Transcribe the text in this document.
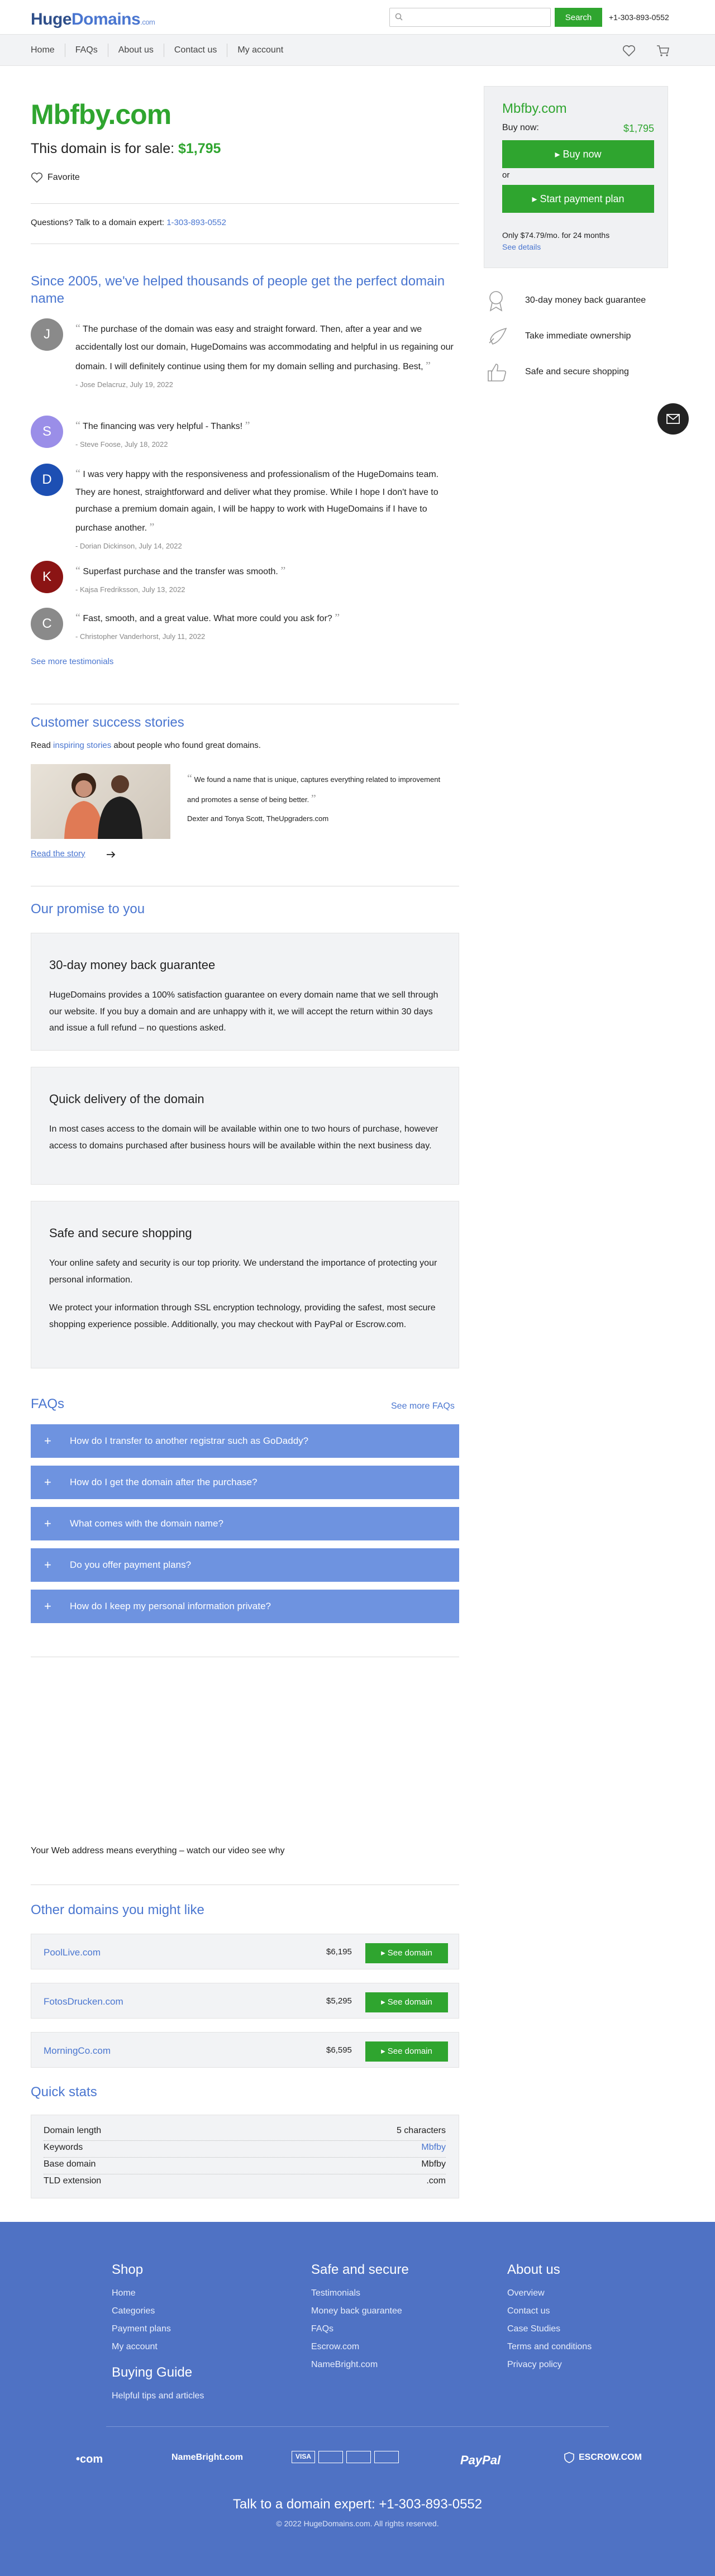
HugeDomains.com	Search	+1-303-893-0552
Home	FAQs	About us	Contact us	My account
Mbfby.com
This domain is for sale: $1,795
Favorite
Questions? Talk to a domain expert: 1-303-893-0552
Mbfby.com
Buy now:	$1,795
▸ Buy now
or
▸ Start payment plan
Only $74.79/mo. for 24 months
See details
30-day money back guarantee
Take immediate ownership
Safe and secure shopping
Since 2005, we've helped thousands of people get the perfect domain name
J	“ The purchase of the domain was easy and straight forward. Then, after a year and we accidentally lost our domain, HugeDomains was accommodating and helpful in us regaining our domain. I will definitely continue using them for my domain selling and purchasing. Best, ”
- Jose Delacruz, July 19, 2022
S	“ The financing was very helpful - Thanks! ”
- Steve Foose, July 18, 2022
D	“ I was very happy with the responsiveness and professionalism of the HugeDomains team. They are honest, straightforward and deliver what they promise. While I hope I don't have to purchase a premium domain again, I will be happy to work with HugeDomains if I have to purchase another. ”
- Dorian Dickinson, July 14, 2022
K	“ Superfast purchase and the transfer was smooth. ”
- Kajsa Fredriksson, July 13, 2022
C	“ Fast, smooth, and a great value. What more could you ask for? ”
- Christopher Vanderhorst, July 11, 2022
See more testimonials
Customer success stories
Read inspiring stories about people who found great domains.
“ We found a name that is unique, captures everything related to improvement and promotes a sense of being better. ”
Dexter and Tonya Scott, TheUpgraders.com
Read the story
Our promise to you
30-day money back guarantee

HugeDomains provides a 100% satisfaction guarantee on every domain name that we sell through our website. If you buy a domain and are unhappy with it, we will accept the return within 30 days and issue a full refund – no questions asked.

Quick delivery of the domain

In most cases access to the domain will be available within one to two hours of purchase, however access to domains purchased after business hours will be available within the next business day.

Safe and secure shopping

Your online safety and security is our top priority. We understand the importance of protecting your personal information.

We protect your information through SSL encryption technology, providing the safest, most secure shopping experience possible. Additionally, you may checkout with PayPal or Escrow.com.

FAQs	See more FAQs
+ How do I transfer to another registrar such as GoDaddy?
+ How do I get the domain after the purchase?
+ What comes with the domain name?
+ Do you offer payment plans?
+ How do I keep my personal information private?
Your Web address means everything – watch our video see why
Other domains you might like
PoolLive.com	$6,195	▸ See domain
FotosDrucken.com	$5,295	▸ See domain
MorningCo.com	$6,595	▸ See domain
Quick stats
Domain length	5 characters
Keywords	Mbfby
Base domain	Mbfby
TLD extension	.com
Shop
Home
Categories
Payment plans
My account
Buying Guide
Helpful tips and articles
Safe and secure
Testimonials
Money back guarantee
FAQs
Escrow.com
NameBright.com
About us
Overview
Contact us
Case Studies
Terms and conditions
Privacy policy
•com	NameBright.com	VISA	PayPal	ESCROW.COM
Talk to a domain expert: +1-303-893-0552
© 2022 HugeDomains.com. All rights reserved.
